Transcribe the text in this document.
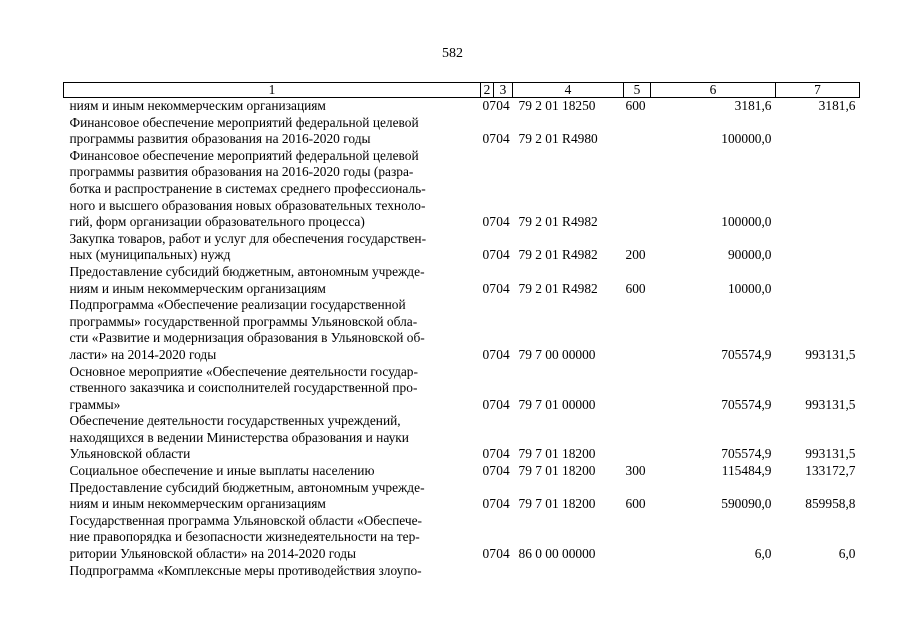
582
1	2	3	4	5	6	7
ниям и иным некоммерческим организациям	07	04	79 2 01 18250	600	3181,6	3181,6
Финансовое обеспечение мероприятий федеральной целевой
программы развития образования на 2016-2020 годы	07	04	79 2 01 R4980		100000,0	
Финансовое обеспечение мероприятий федеральной целевой
программы развития образования на 2016-2020 годы (разра-
ботка и распространение в системах среднего профессиональ-
ного и высшего образования новых образовательных техноло-
гий, форм организации образовательного процесса)	07	04	79 2 01 R4982		100000,0	
Закупка товаров, работ и услуг для обеспечения государствен-
ных (муниципальных) нужд	07	04	79 2 01 R4982	200	90000,0	
Предоставление субсидий бюджетным, автономным учрежде-
ниям и иным некоммерческим организациям	07	04	79 2 01 R4982	600	10000,0	
Подпрограмма «Обеспечение реализации государственной
программы» государственной программы Ульяновской обла-
сти «Развитие и модернизация образования в Ульяновской об-
ласти» на 2014-2020 годы	07	04	79 7 00 00000		705574,9	993131,5
Основное мероприятие «Обеспечение деятельности государ-
ственного заказчика и соисполнителей государственной про-
граммы»	07	04	79 7 01 00000		705574,9	993131,5
Обеспечение деятельности государственных учреждений,
находящихся в ведении Министерства образования и науки
Ульяновской области	07	04	79 7 01 18200		705574,9	993131,5
Социальное обеспечение и иные выплаты населению	07	04	79 7 01 18200	300	115484,9	133172,7
Предоставление субсидий бюджетным, автономным учрежде-
ниям и иным некоммерческим организациям	07	04	79 7 01 18200	600	590090,0	859958,8
Государственная программа Ульяновской области «Обеспече-
ние правопорядка и безопасности жизнедеятельности на тер-
ритории Ульяновской области» на 2014-2020 годы	07	04	86 0 00 00000		6,0	6,0
Подпрограмма «Комплексные меры противодействия злоупо-						
